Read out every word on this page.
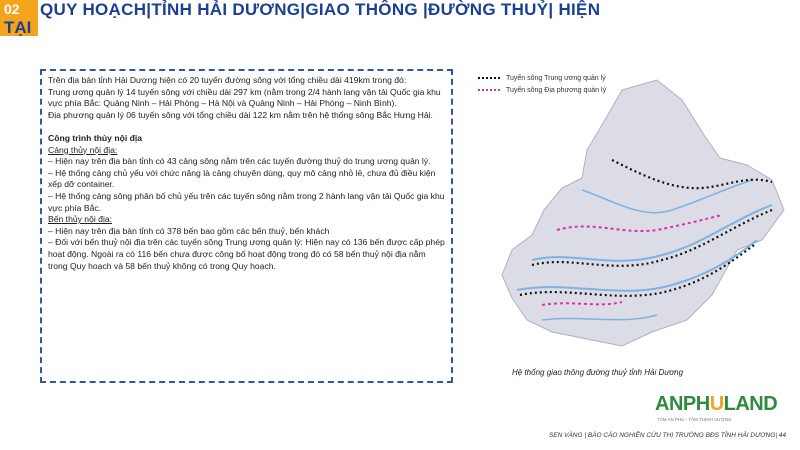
02
TẠI
QUY HOẠCH|TỈNH HẢI DƯƠNG|GIAO THÔNG |ĐƯỜNG THUỶ| HIỆN

Trên địa bàn tỉnh Hải Dương hiện có 20 tuyến đường sông với tổng chiều dài 419km trong đó:

Trung ương quản lý 14 tuyến sông với chiều dài 297 km (nằm trong 2/4 hành lang vận tải Quốc gia khu vực phía Bắc: Quảng Ninh – Hải Phòng – Hà Nội và Quảng Ninh – Hải Phòng – Ninh Bình).

Địa phương quản lý 06 tuyến sông với tổng chiều dài 122 km nằm trên hệ thống sông Bắc Hưng Hải.

Công trình thủy nội địa

Cảng thủy nội địa:

– Hiện nay trên địa bàn tỉnh có 43 cảng sông nằm trên các tuyến đường thuỷ do trung ương quản lý.

– Hệ thống cảng chủ yếu với chức năng là cảng chuyên dùng, quy mô cảng nhỏ lẻ, chưa đủ điều kiện xếp dỡ container.

– Hệ thống cảng sông phân bố chủ yếu trên các tuyến sông nằm trong 2 hành lang vận tải Quốc gia khu vực phía Bắc.

Bến thủy nội địa:

– Hiện nay trên địa bàn tỉnh có 378 bến bao gồm các bến thuỷ, bến khách

– Đối với bến thuỷ nội địa trên các tuyến sông Trung ương quản lý: Hiện nay có 136 bến được cấp phép hoạt động. Ngoài ra có 116 bến chưa được công bố hoạt động trong đó có 58 bến thuỷ nội địa nằm trong Quy hoạch và 58 bến thuỷ không có trong Quy hoạch.

Tuyến sông Trung ương quản lý
Tuyến sông Địa phương quản lý
Hệ thống giao thông đường thuỷ tỉnh Hải Dương
AN PH U LAND
TÂM AN PHÚ - TẦM THỊNH VƯỢNG
SEN VÀNG | BÁO CÁO NGHIÊN CỨU THỊ TRƯỜNG BĐS TỈNH HẢI DƯƠNG| 44
